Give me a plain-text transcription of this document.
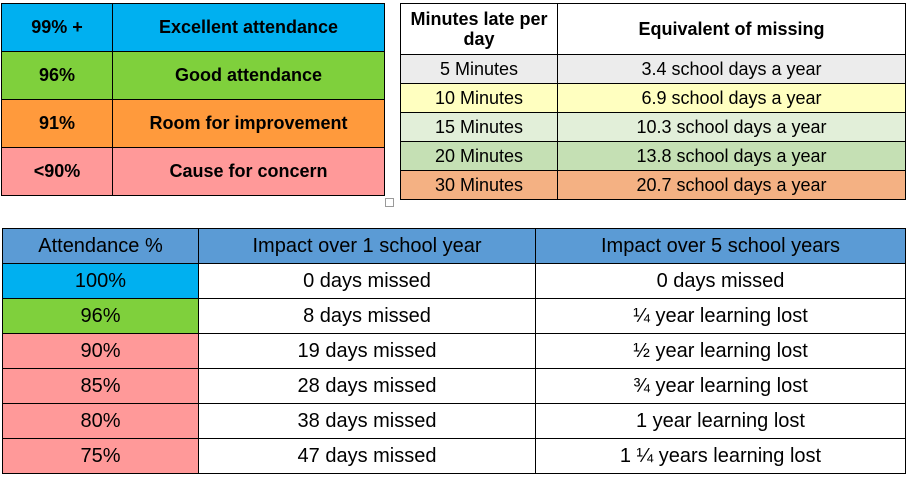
99% +	Excellent attendance
96%	Good attendance
91%	Room for improvement
<90%	Cause for concern
Minutes late per day	Equivalent of missing
5 Minutes	3.4 school days a year
10 Minutes	6.9 school days a year
15 Minutes	10.3 school days a year
20 Minutes	13.8 school days a year
30 Minutes	20.7 school days a year
Attendance %	Impact over 1 school year	Impact over 5 school years
100%	0 days missed	0 days missed
96%	8 days missed	¼ year learning lost
90%	19 days missed	½ year learning lost
85%	28 days missed	¾ year learning lost
80%	38 days missed	1 year learning lost
75%	47 days missed	1 ¼ years learning lost
